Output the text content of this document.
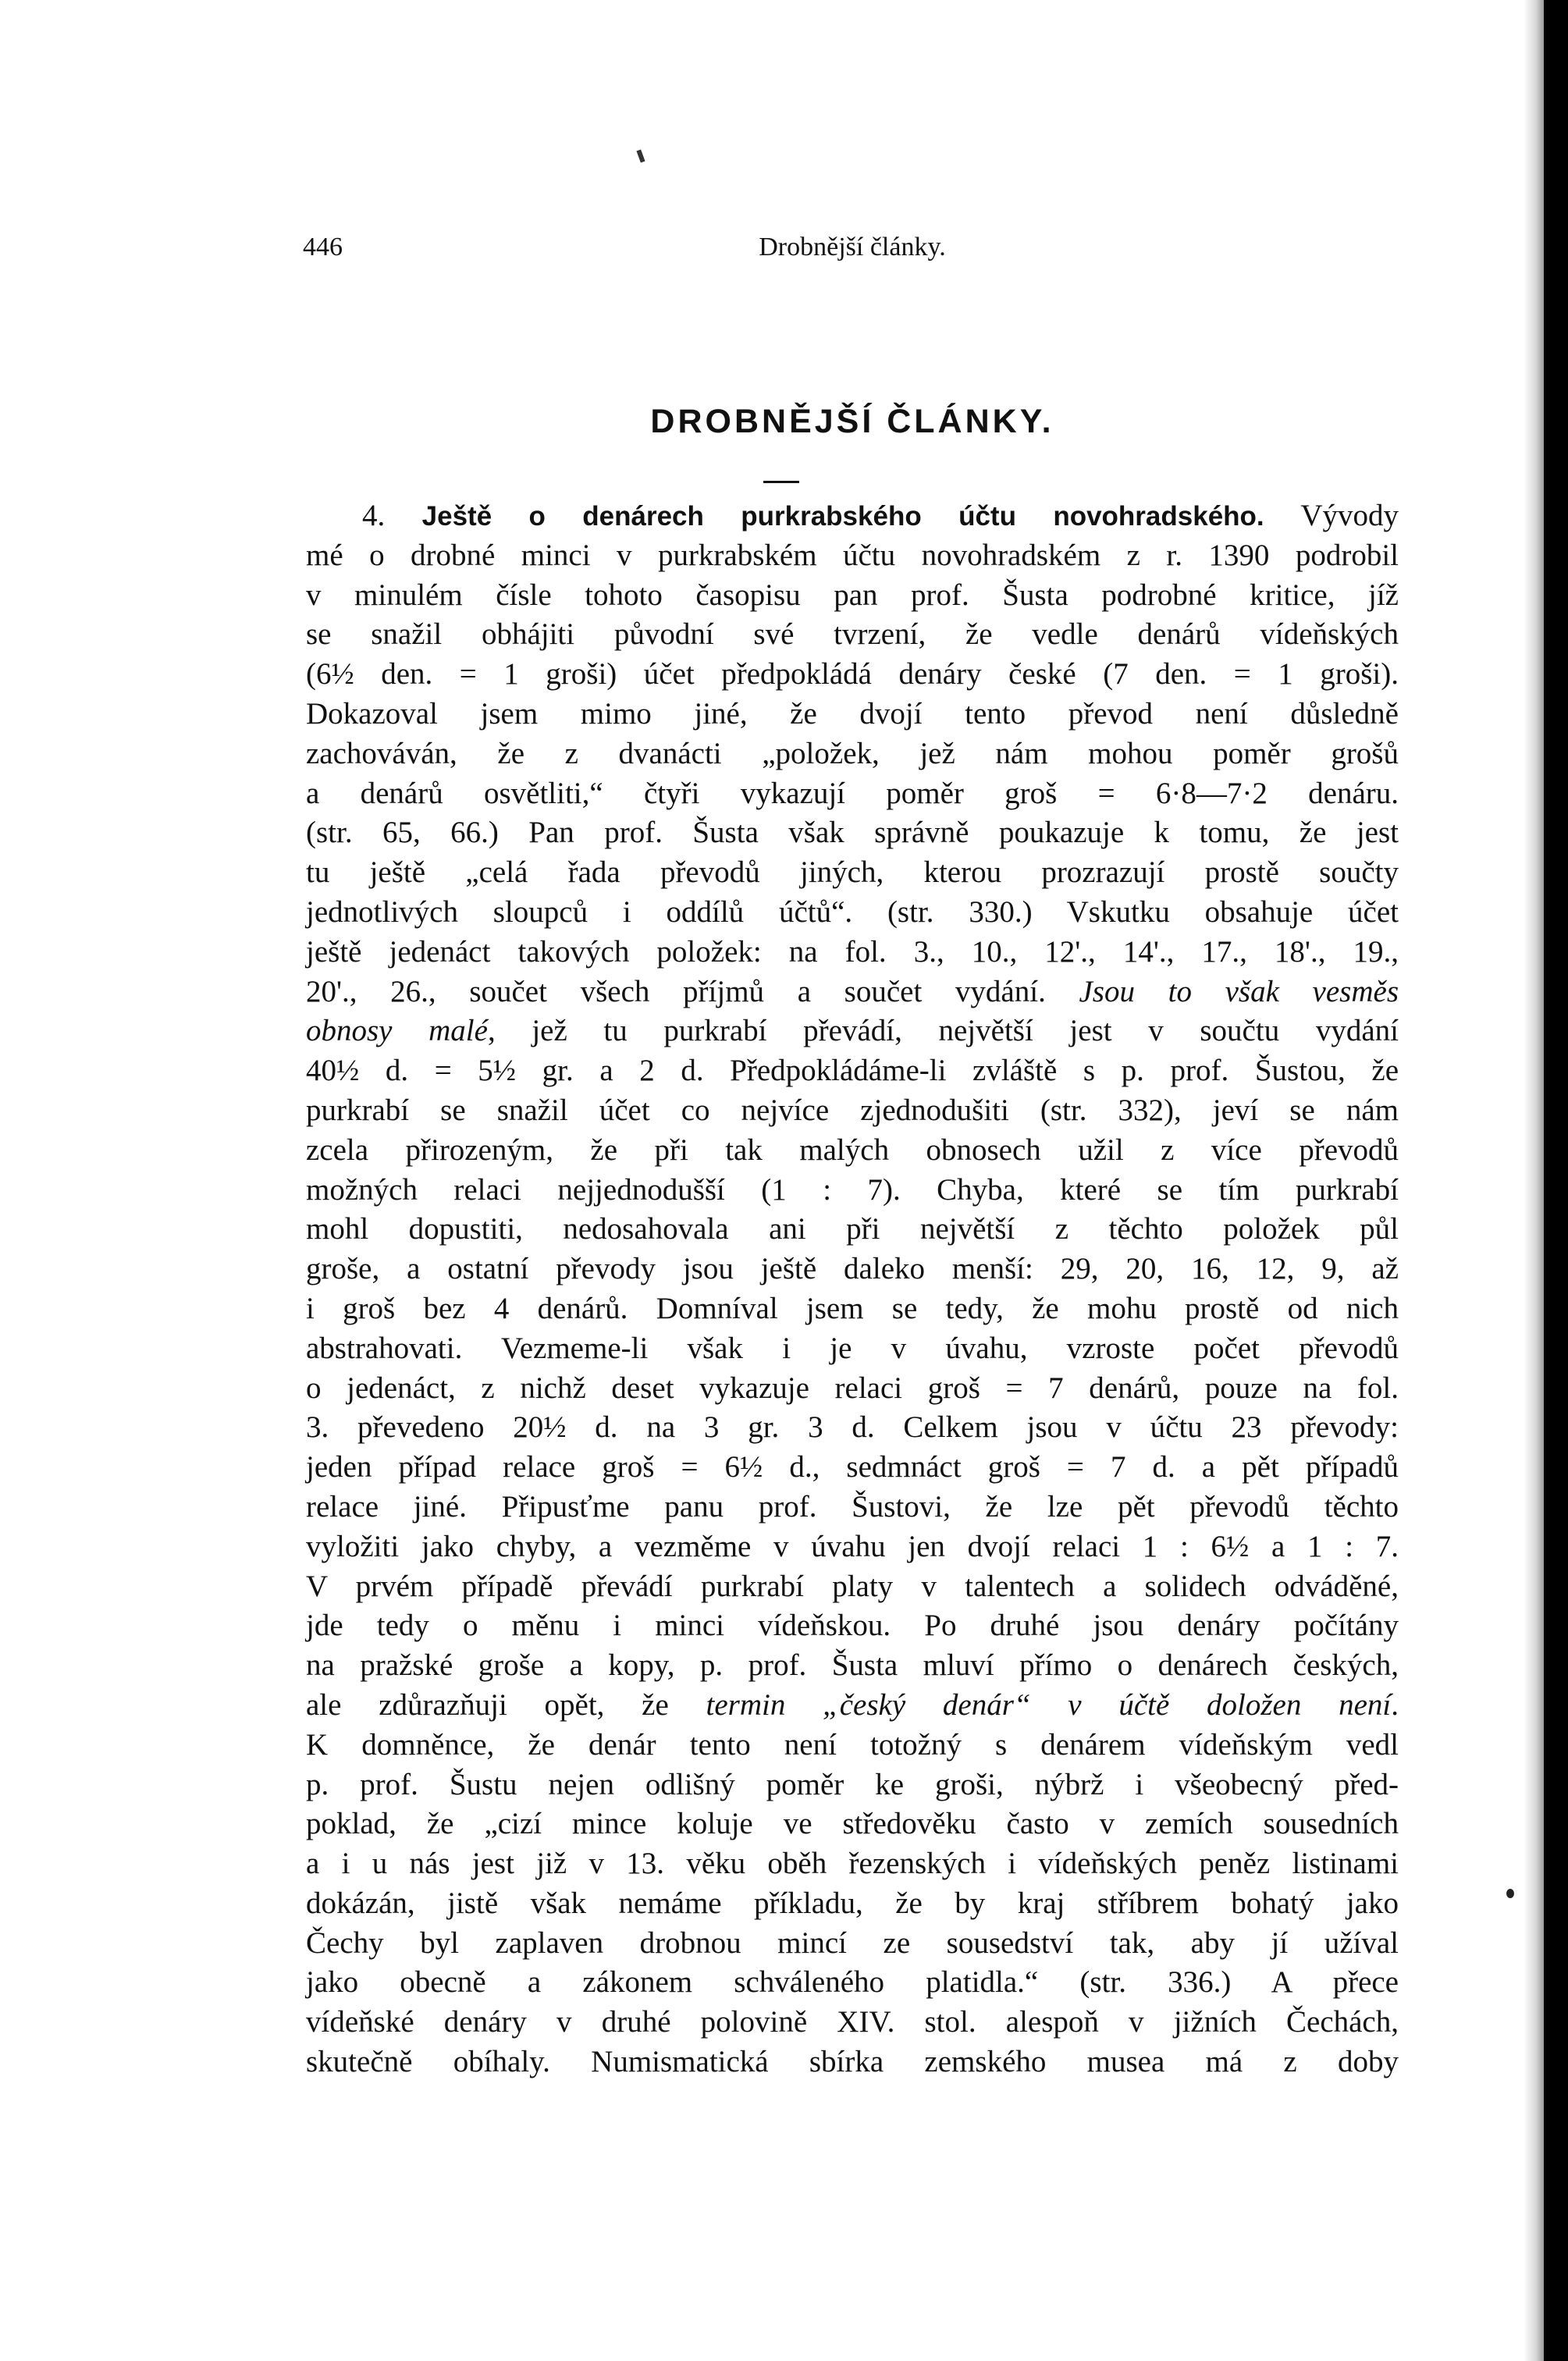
446	Drobnější články.
DROBNĚJŠÍ ČLÁNKY.
4. Ještě o denárech purkrabského účtu novohradského. Vývody
mé o drobné minci v purkrabském účtu novohradském z r. 1390 podrobil
v minulém čísle tohoto časopisu pan prof. Šusta podrobné kritice, jíž
se snažil obhájiti původní své tvrzení, že vedle denárů vídeňských
(6½ den. = 1 groši) účet předpokládá denáry české (7 den. = 1 groši).
Dokazoval jsem mimo jiné, že dvojí tento převod není důsledně
zachováván, že z dvanácti „položek, jež nám mohou poměr grošů
a denárů osvětliti,“ čtyři vykazují poměr groš = 6·8—7·2 denáru.
(str. 65, 66.) Pan prof. Šusta však správně poukazuje k tomu, že jest
tu ještě „celá řada převodů jiných, kterou prozrazují prostě součty
jednotlivých sloupců i oddílů účtů“. (str. 330.) Vskutku obsahuje účet
ještě jedenáct takových položek: na fol. 3., 10., 12'., 14'., 17., 18'., 19.,
20'., 26., součet všech příjmů a součet vydání. Jsou to však vesměs
obnosy malé, jež tu purkrabí převádí, největší jest v součtu vydání
40½ d. = 5½ gr. a 2 d. Předpokládáme-li zvláště s p. prof. Šustou, že
purkrabí se snažil účet co nejvíce zjednodušiti (str. 332), jeví se nám
zcela přirozeným, že při tak malých obnosech užil z více převodů
možných relaci nejjednodušší (1 : 7). Chyba, které se tím purkrabí
mohl dopustiti, nedosahovala ani při největší z těchto položek půl
groše, a ostatní převody jsou ještě daleko menší: 29, 20, 16, 12, 9, až
i groš bez 4 denárů. Domníval jsem se tedy, že mohu prostě od nich
abstrahovati. Vezmeme-li však i je v úvahu, vzroste počet převodů
o jedenáct, z nichž deset vykazuje relaci groš = 7 denárů, pouze na fol.
3. převedeno 20½ d. na 3 gr. 3 d. Celkem jsou v účtu 23 převody:
jeden případ relace groš = 6½ d., sedmnáct groš = 7 d. a pět případů
relace jiné. Připusťme panu prof. Šustovi, že lze pět převodů těchto
vyložiti jako chyby, a vezměme v úvahu jen dvojí relaci 1 : 6½ a 1 : 7.
V prvém případě převádí purkrabí platy v talentech a solidech odváděné,
jde tedy o měnu i minci vídeňskou. Po druhé jsou denáry počítány
na pražské groše a kopy, p. prof. Šusta mluví přímo o denárech českých,
ale zdůrazňuji opět, že termin „český denár“ v účtě doložen není.
K domněnce, že denár tento není totožný s denárem vídeňským vedl
p. prof. Šustu nejen odlišný poměr ke groši, nýbrž i všeobecný před-
poklad, že „cizí mince koluje ve středověku často v zemích sousedních
a i u nás jest již v 13. věku oběh řezenských i vídeňských peněz listinami
dokázán, jistě však nemáme příkladu, že by kraj stříbrem bohatý jako
Čechy byl zaplaven drobnou mincí ze sousedství tak, aby jí užíval
jako obecně a zákonem schváleného platidla.“ (str. 336.) A přece
vídeňské denáry v druhé polovině XIV. stol. alespoň v jižních Čechách,
skutečně obíhaly. Numismatická sbírka zemského musea má z doby
